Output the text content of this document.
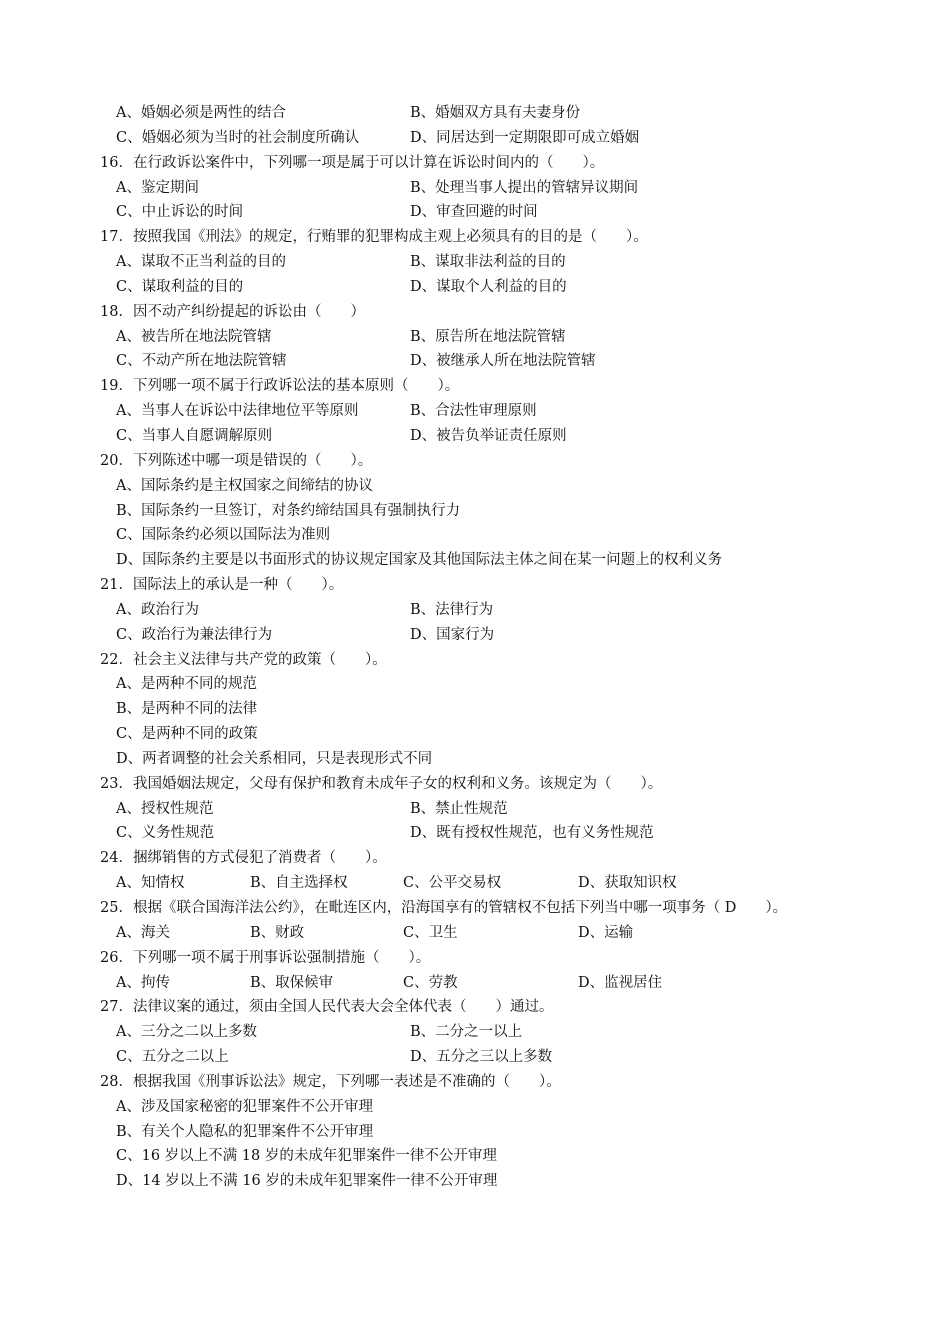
A、婚姻必须是两性的结合	B、婚姻双方具有夫妻身份
C、婚姻必须为当时的社会制度所确认	D、同居达到一定期限即可成立婚姻
16．在行政诉讼案件中，下列哪一项是属于可以计算在诉讼时间内的（　　）。
A、鉴定期间	B、处理当事人提出的管辖异议期间
C、中止诉讼的时间	D、审查回避的时间
17．按照我国《刑法》的规定，行贿罪的犯罪构成主观上必须具有的目的是（　　）。
A、谋取不正当利益的目的	B、谋取非法利益的目的
C、谋取利益的目的	D、谋取个人利益的目的
18．因不动产纠纷提起的诉讼由（　　）
A、被告所在地法院管辖	B、原告所在地法院管辖
C、不动产所在地法院管辖	D、被继承人所在地法院管辖
19．下列哪一项不属于行政诉讼法的基本原则（　　）。
A、当事人在诉讼中法律地位平等原则	B、合法性审理原则
C、当事人自愿调解原则	D、被告负举证责任原则
20．下列陈述中哪一项是错误的（　　）。
A、国际条约是主权国家之间缔结的协议
B、国际条约一旦签订，对条约缔结国具有强制执行力
C、国际条约必须以国际法为准则
D、国际条约主要是以书面形式的协议规定国家及其他国际法主体之间在某一问题上的权利义务
21．国际法上的承认是一种（　　）。
A、政治行为	B、法律行为
C、政治行为兼法律行为	D、国家行为
22．社会主义法律与共产党的政策（　　）。
A、是两种不同的规范
B、是两种不同的法律
C、是两种不同的政策
D、两者调整的社会关系相同，只是表现形式不同
23．我国婚姻法规定，父母有保护和教育未成年子女的权利和义务。该规定为（　　）。
A、授权性规范	B、禁止性规范
C、义务性规范	D、既有授权性规范，也有义务性规范
24．捆绑销售的方式侵犯了消费者（　　）。
A、知情权	B、自主选择权	C、公平交易权	D、获取知识权
25．根据《联合国海洋法公约》，在毗连区内，沿海国享有的管辖权不包括下列当中哪一项事务（ D　　）。
A、海关	B、财政	C、卫生	D、运输
26．下列哪一项不属于刑事诉讼强制措施（　　）。
A、拘传	B、取保候审	C、劳教	D、监视居住
27．法律议案的通过，须由全国人民代表大会全体代表（　　）通过。
A、三分之二以上多数	B、二分之一以上
C、五分之二以上	D、五分之三以上多数
28．根据我国《刑事诉讼法》规定，下列哪一表述是不准确的（　　）。
A、涉及国家秘密的犯罪案件不公开审理
B、有关个人隐私的犯罪案件不公开审理
C、16 岁以上不满 18 岁的未成年犯罪案件一律不公开审理
D、14 岁以上不满 16 岁的未成年犯罪案件一律不公开审理
